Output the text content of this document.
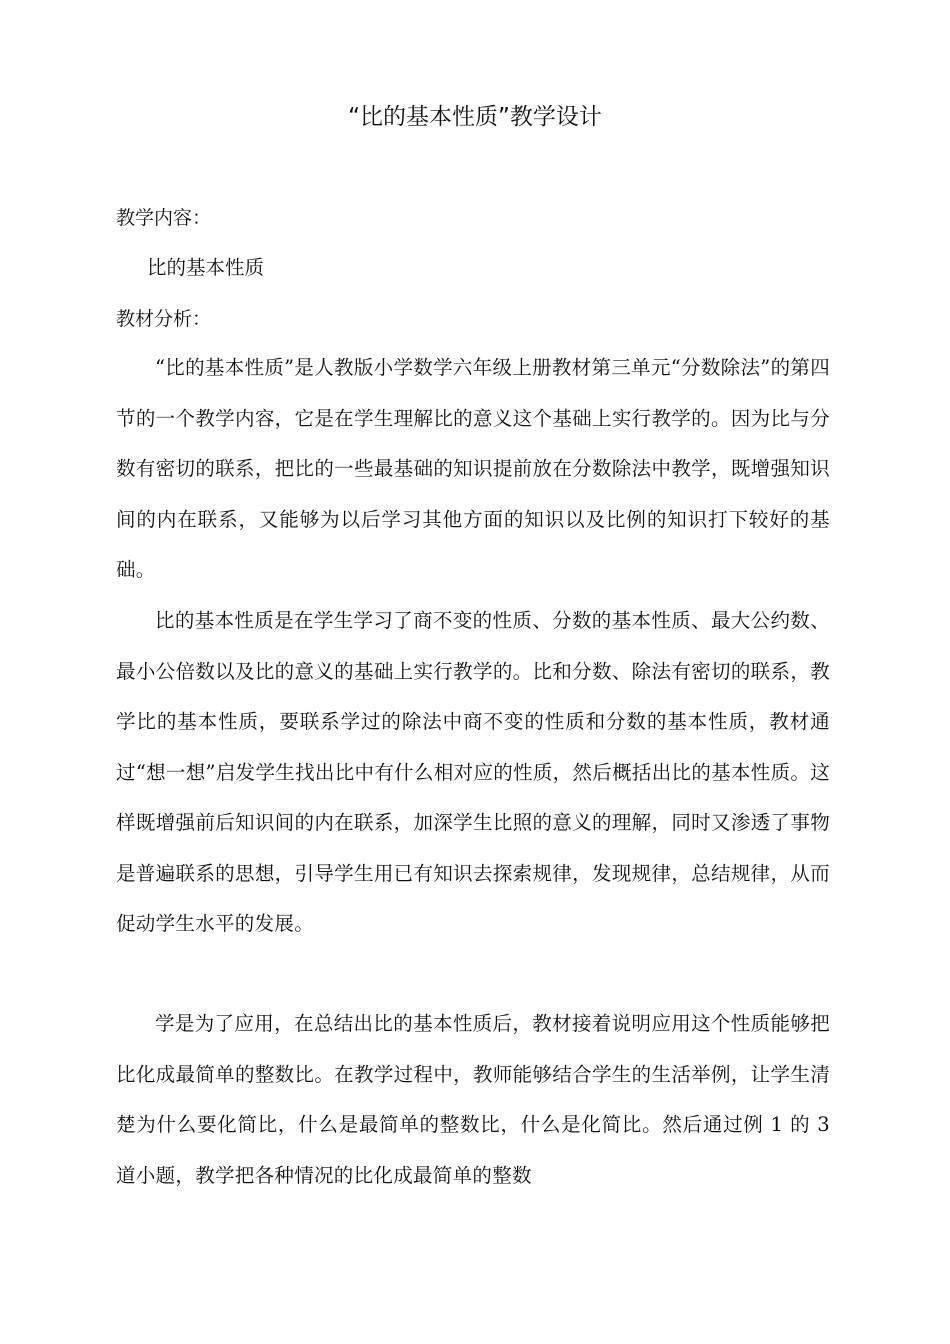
“比的基本性质”教学设计
教学内容：

比的基本性质

教材分析：

“比的基本性质”是人教版小学数学六年级上册教材第三单元“分数除法”的第四节的一个教学内容，它是在学生理解比的意义这个基础上实行教学的。因为比与分数有密切的联系，把比的一些最基础的知识提前放在分数除法中教学，既增强知识间的内在联系，又能够为以后学习其他方面的知识以及比例的知识打下较好的基础。

比的基本性质是在学生学习了商不变的性质、分数的基本性质、最大公约数、最小公倍数以及比的意义的基础上实行教学的。比和分数、除法有密切的联系，教学比的基本性质，要联系学过的除法中商不变的性质和分数的基本性质，教材通过“想一想”启发学生找出比中有什么相对应的性质，然后概括出比的基本性质。这样既增强前后知识间的内在联系，加深学生比照的意义的理解，同时又渗透了事物是普遍联系的思想，引导学生用已有知识去探索规律，发现规律，总结规律，从而促动学生水平的发展。

学是为了应用，在总结出比的基本性质后，教材接着说明应用这个性质能够把比化成最简单的整数比。在教学过程中，教师能够结合学生的生活举例，让学生清楚为什么要化简比，什么是最简单的整数比，什么是化简比。然后通过例 1 的 3 道小题，教学把各种情况的比化成最简单的整数
